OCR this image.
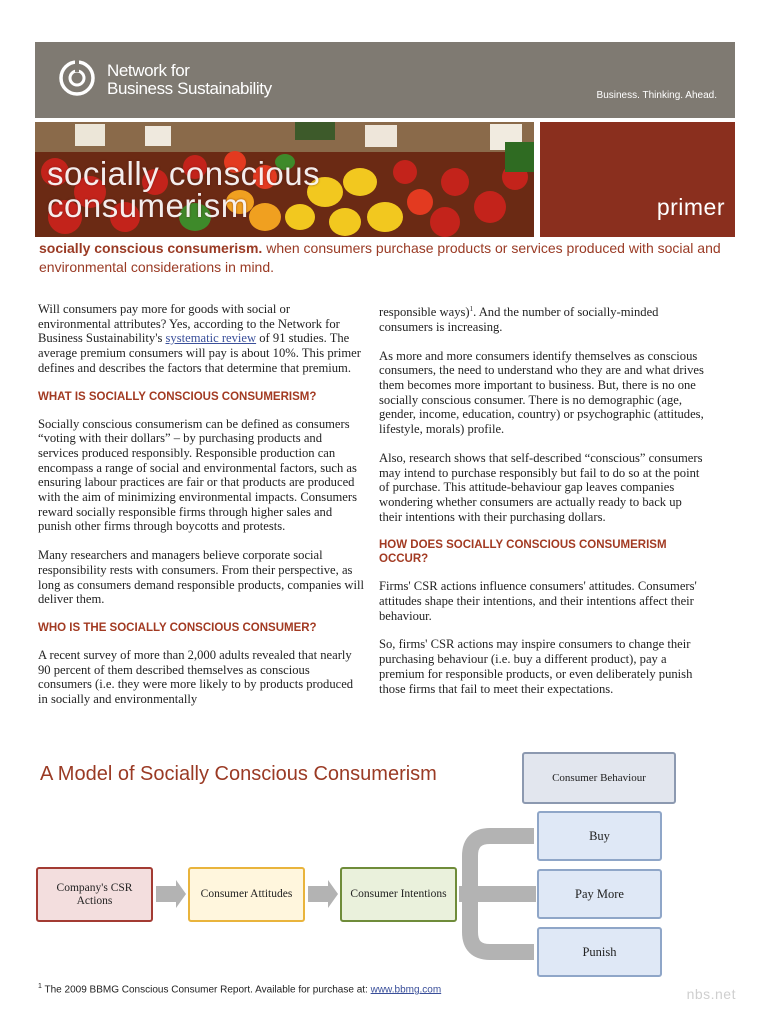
Network for
Business Sustainability	Business. Thinking. Ahead.
socially conscious
consumerism	primer

socially conscious consumerism. when consumers purchase products or services produced with social and environmental considerations in mind.

Will consumers pay more for goods with social or environmental attributes? Yes, according to the Network for Business Sustainability's systematic review of 91 studies. The average premium consumers will pay is about 10%. This primer defines and describes the factors that determine that premium.

WHAT IS SOCIALLY CONSCIOUS CONSUMERISM?

Socially conscious consumerism can be defined as consumers “voting with their dollars” – by purchasing products and services produced responsibly. Responsible production can encompass a range of social and environmental factors, such as ensuring labour practices are fair or that products are produced with the aim of minimizing environmental impacts. Consumers reward socially responsible firms through higher sales and punish other firms through boycotts and protests.

Many researchers and managers believe corporate social responsibility rests with consumers. From their perspective, as long as consumers demand responsible products, companies will deliver them.

WHO IS THE SOCIALLY CONSCIOUS CONSUMER?

A recent survey of more than 2,000 adults revealed that nearly 90 percent of them described themselves as conscious consumers (i.e. they were more likely to by products produced in socially and environmentally

responsible ways)$^1$. And the number of socially-minded consumers is increasing.

As more and more consumers identify themselves as conscious consumers, the need to understand who they are and what drives them becomes more important to business. But, there is no one socially conscious consumer. There is no demographic (age, gender, income, education, country) or psychographic (attitudes, lifestyle, morals) profile.

Also, research shows that self-described “conscious” consumers may intend to purchase responsibly but fail to do so at the point of purchase. This attitude-behaviour gap leaves companies wondering whether consumers are actually ready to back up their intentions with their purchasing dollars.

HOW DOES SOCIALLY CONSCIOUS CONSUMERISM OCCUR?

Firms' CSR actions influence consumers' attitudes. Consumers' attitudes shape their intentions, and their intentions affect their behaviour.

So, firms' CSR actions may inspire consumers to change their purchasing behaviour (i.e. buy a different product), pay a premium for responsible products, or even deliberately punish those firms that fail to meet their expectations.

A Model of Socially Conscious Consumerism
Company's CSR Actions
Consumer Attitudes	Consumer Intentions
Consumer Behaviour
Buy
Pay More
Punish
$^1$ The 2009 BBMG Conscious Consumer Report. Available for purchase at: www.bbmg.com	nbs.net
